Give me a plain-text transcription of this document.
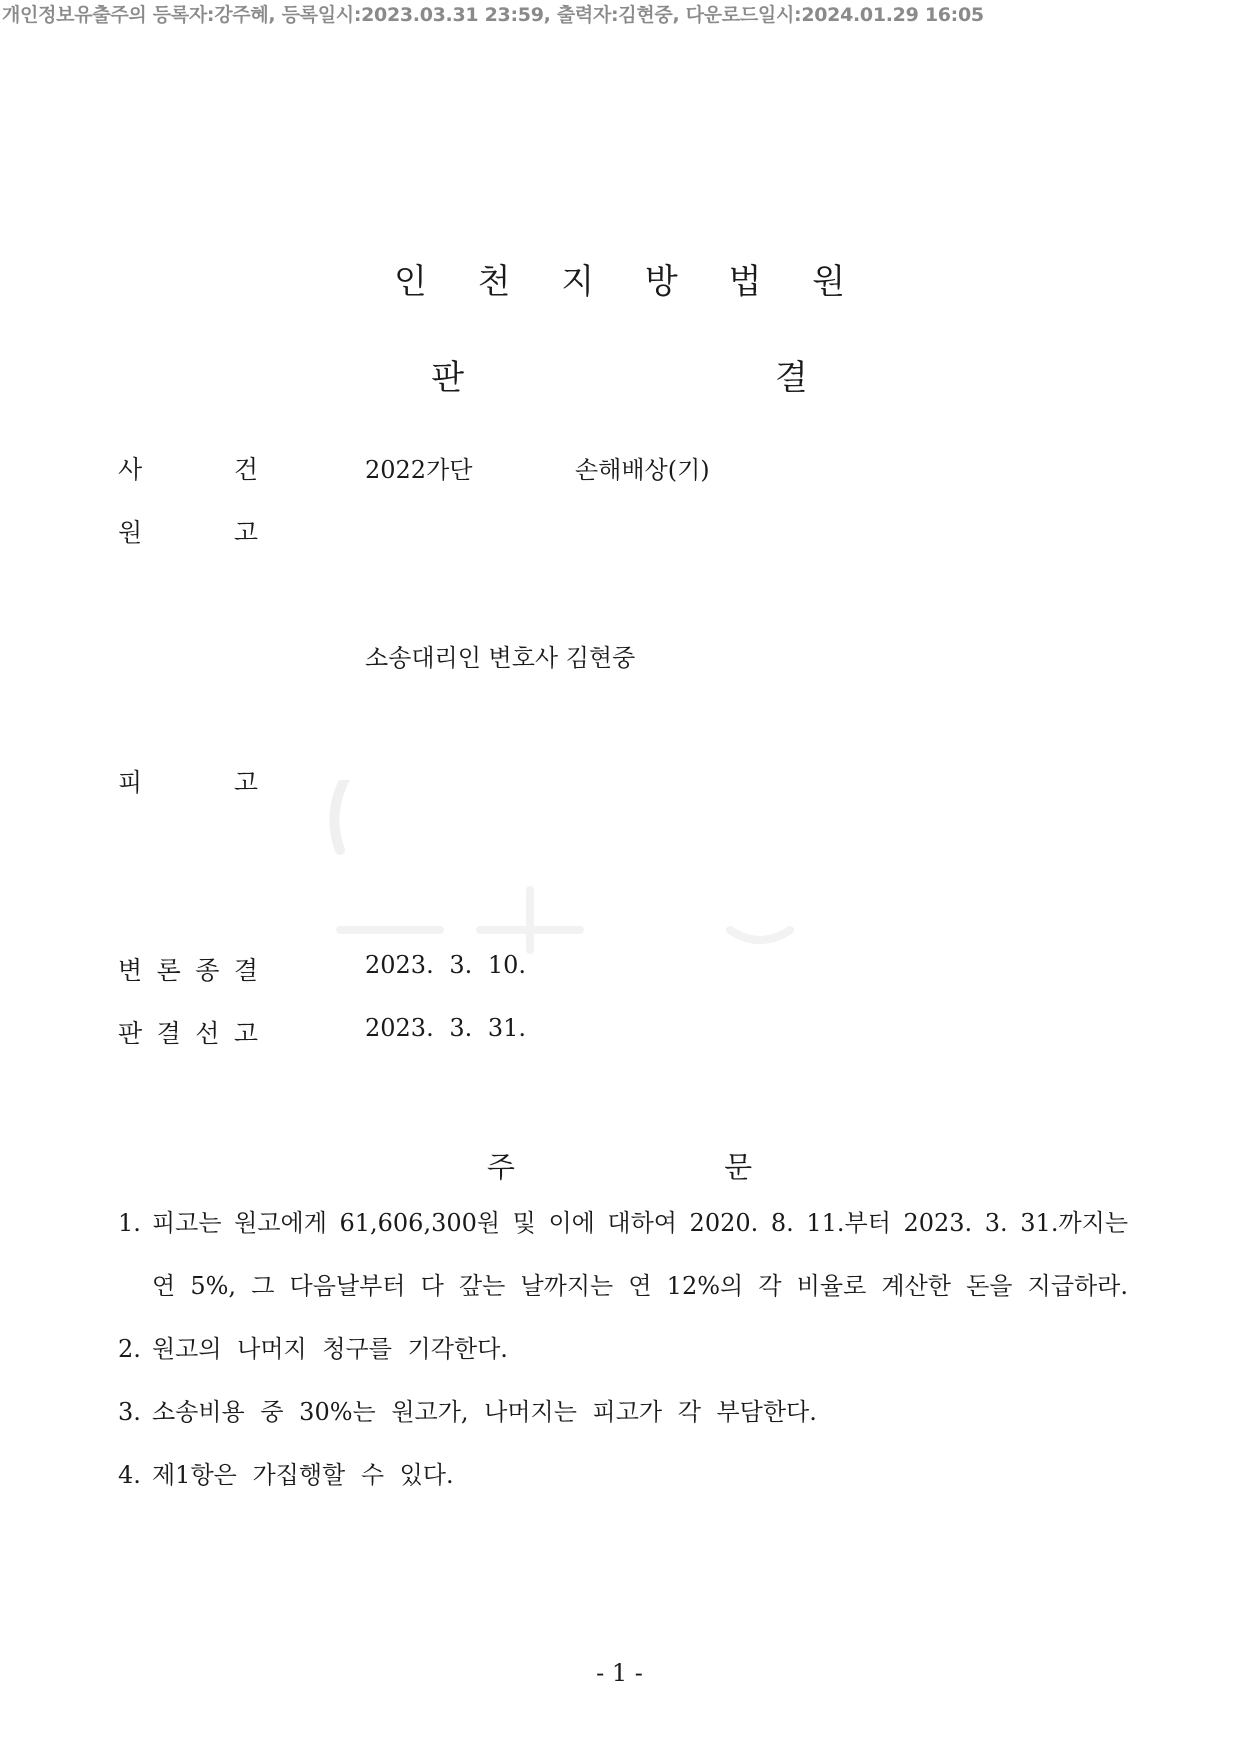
개인정보유출주의 등록자:강주혜, 등록일시:2023.03.31 23:59, 출력자:김현중, 다운로드일시:2024.01.29 16:05
인 천 지 방 법 원
판 결
사	건	2022가단	손해배상(기)
원	고
소송대리인 변호사 김현중
피	고
변 론 종 결	2023. 3. 10.
판 결 선 고	2023. 3. 31.
주 문
1. 피고는 원고에게 61,606,300원 및 이에 대하여 2020. 8. 11.부터 2023. 3. 31.까지는
연 5%, 그 다음날부터 다 갚는 날까지는 연 12%의 각 비율로 계산한 돈을 지급하라.
2. 원고의 나머지 청구를 기각한다.
3. 소송비용 중 30%는 원고가, 나머지는 피고가 각 부담한다.
4. 제1항은 가집행할 수 있다.
- 1 -
